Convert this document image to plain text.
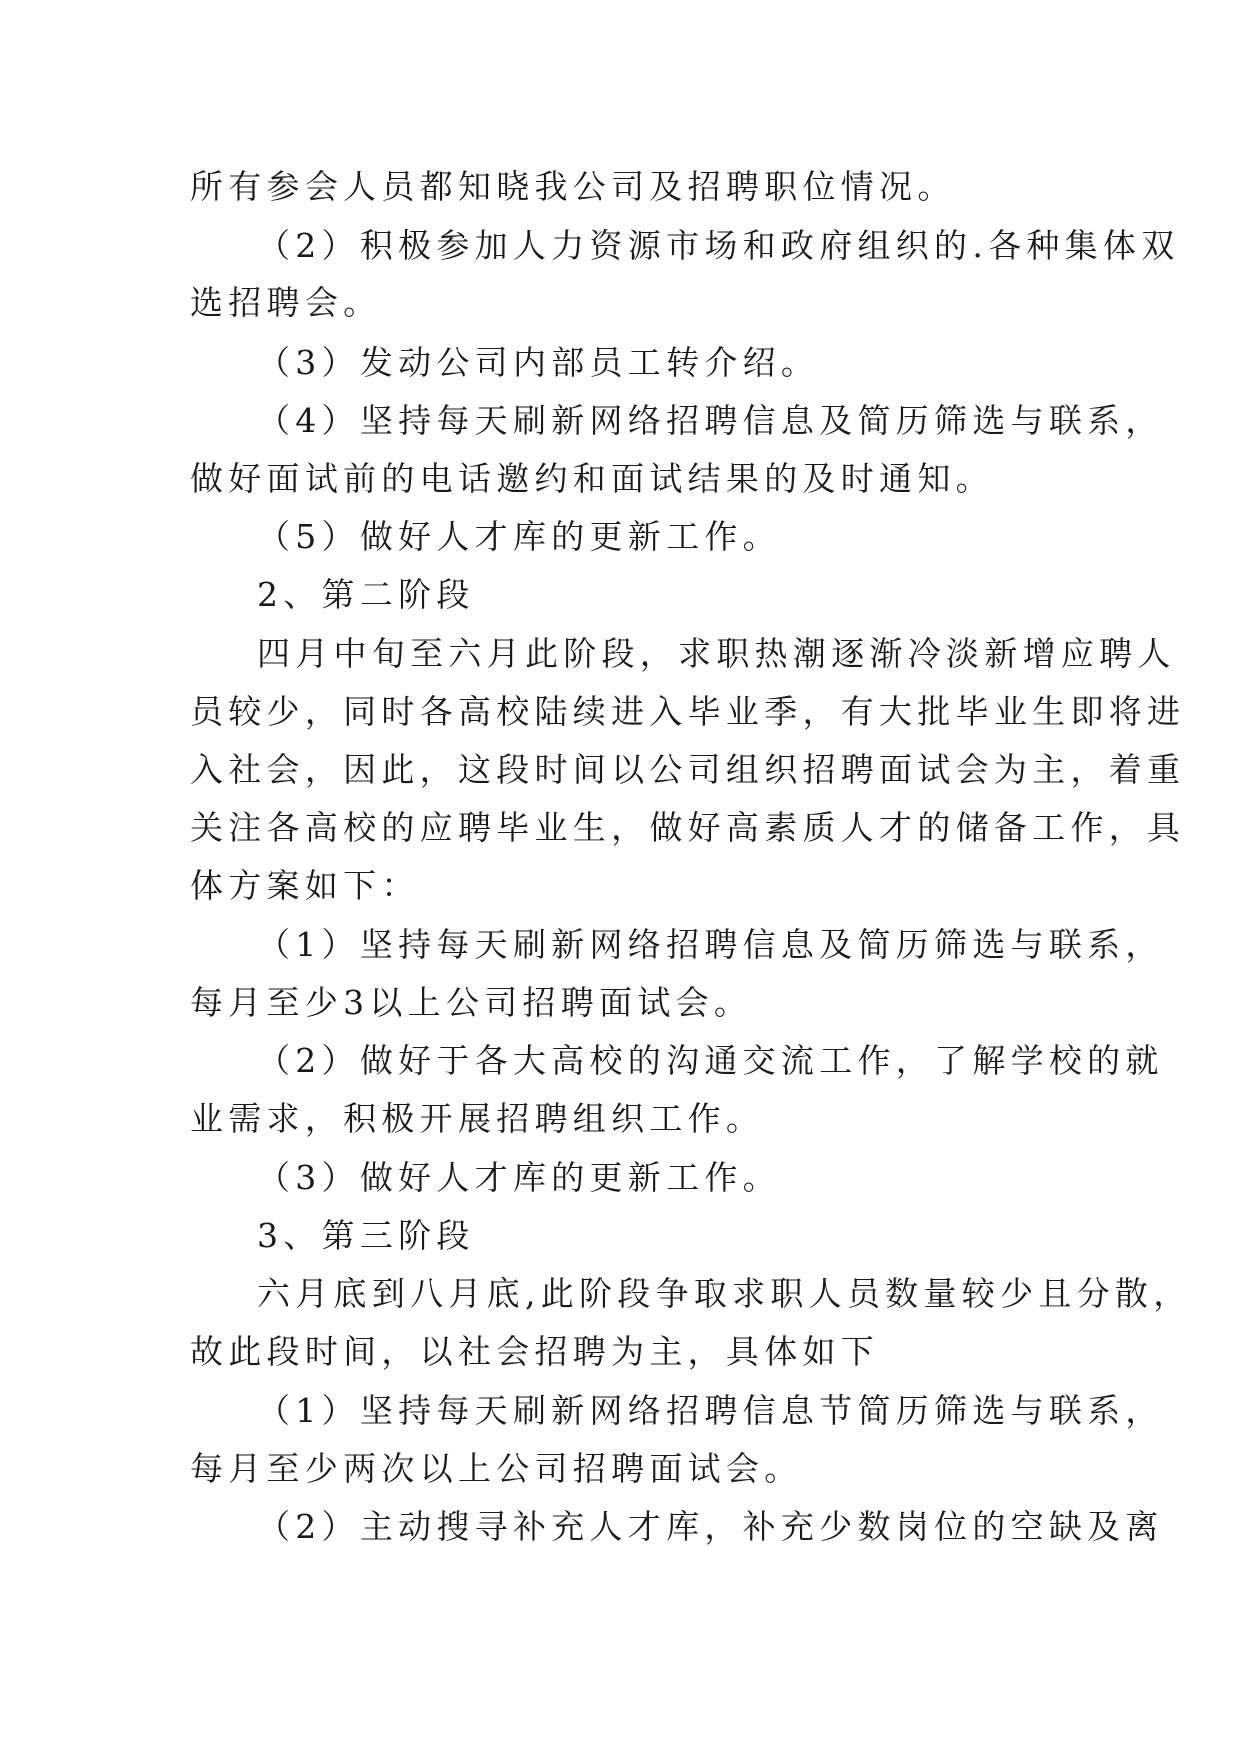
所有参会人员都知晓我公司及招聘职位情况。
（2）积极参加人力资源市场和政府组织的.各种集体双
选招聘会。
（3）发动公司内部员工转介绍。
（4）坚持每天刷新网络招聘信息及简历筛选与联系，
做好面试前的电话邀约和面试结果的及时通知。
（5）做好人才库的更新工作。
2、第二阶段
四月中旬至六月此阶段，求职热潮逐渐冷淡新增应聘人
员较少，同时各高校陆续进入毕业季，有大批毕业生即将进
入社会，因此，这段时间以公司组织招聘面试会为主，着重
关注各高校的应聘毕业生，做好高素质人才的储备工作，具
体方案如下：
（1）坚持每天刷新网络招聘信息及简历筛选与联系，
每月至少3以上公司招聘面试会。
（2）做好于各大高校的沟通交流工作，了解学校的就
业需求，积极开展招聘组织工作。
（3）做好人才库的更新工作。
3、第三阶段
六月底到八月底,此阶段争取求职人员数量较少且分散，
故此段时间，以社会招聘为主，具体如下
（1）坚持每天刷新网络招聘信息节简历筛选与联系，
每月至少两次以上公司招聘面试会。
（2）主动搜寻补充人才库，补充少数岗位的空缺及离
